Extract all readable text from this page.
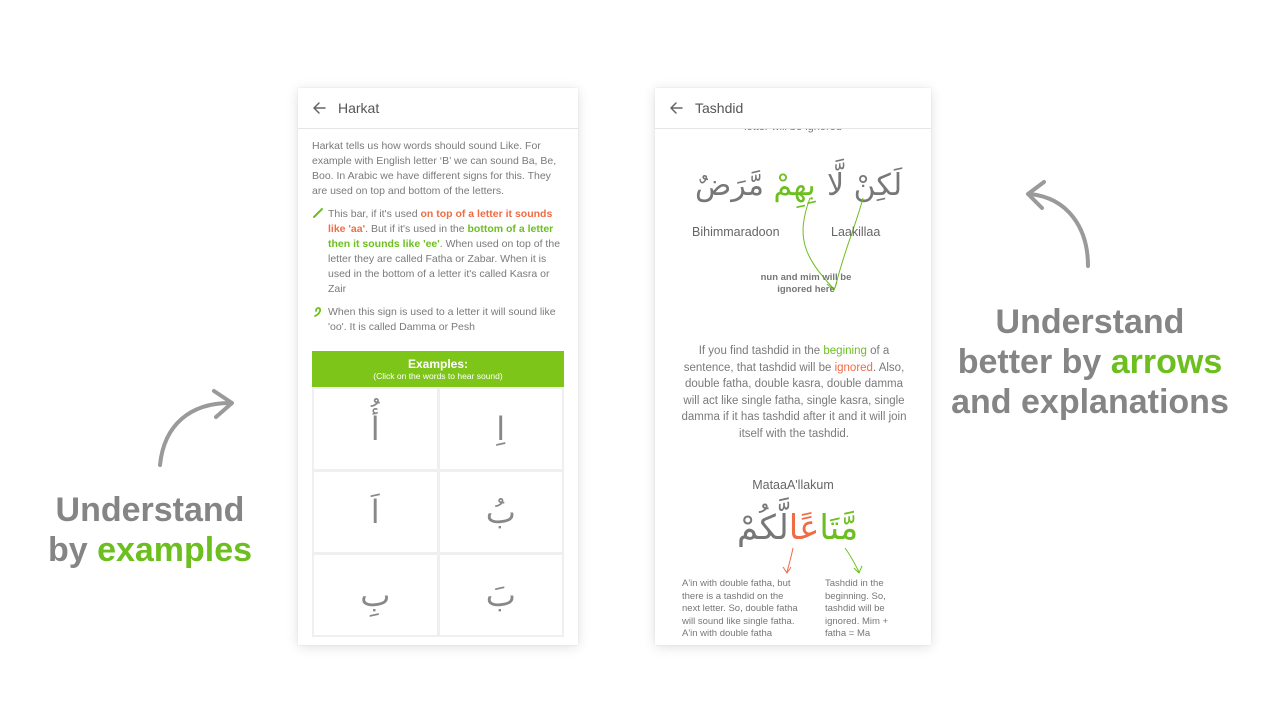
Understand
by examples
Understand
better by arrows
and explanations
Harkat

Harkat tells us how words should sound Like. For example with English letter ‘B’ we can sound Ba, Be, Boo. In Arabic we have different signs for this. They are used on top and bottom of the letters.

This bar, if it's used on top of a letter it sounds like 'aa'. But if it's used in the bottom of a letter then it sounds like 'ee'. When used on top of the letter they are called Fatha or Zabar. When it is used in the bottom of a letter it's called Kasra or Zair
When this sign is used to a letter it will sound like 'oo'. It is called Damma or Pesh
Examples:
(Click on the words to hear sound)
أُ	اِ
اَ	بُ
بِ	بَ
Tashdid
بِهِمْ مَّرَضٌ	لَكِن لَّا
Bihimmaradoon	Laakillaa
nun and mim will be ignored here
If you find tashdid in the begining of a sentence, that tashdid will be ignored. Also, double fatha, double kasra, double damma will act like single fatha, single kasra, single damma if it has tashdid after it and it will join itself with the tashdid.
MataaA'llakum
مَّتَاعًالَّكُمْ
A'in with double fatha, but there is a tashdid on the next letter. So, double fatha will sound like single fatha. A'in with double fatha
Tashdid in the beginning. So, tashdid will be ignored. Mim + fatha = Ma
